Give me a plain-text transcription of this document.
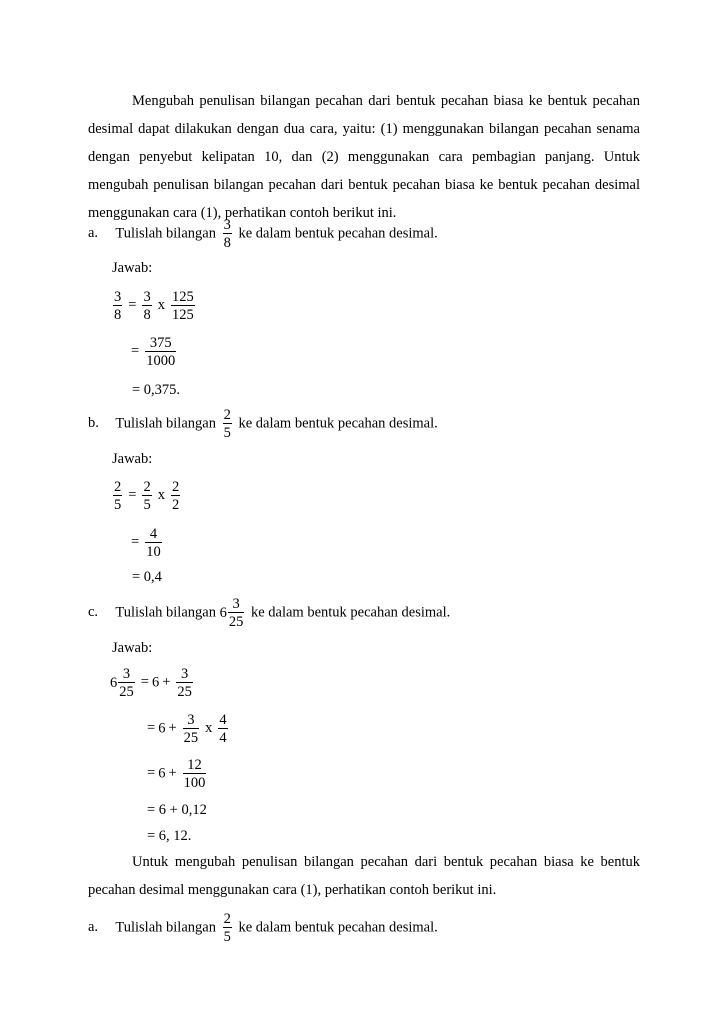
Mengubah penulisan bilangan pecahan dari bentuk pecahan biasa ke bentuk pecahan desimal dapat dilakukan dengan dua cara, yaitu: (1) menggunakan bilangan pecahan senama dengan penyebut kelipatan 10, dan (2) menggunakan cara pembagian panjang. Untuk mengubah penulisan bilangan pecahan dari bentuk pecahan biasa ke bentuk pecahan desimal menggunakan cara (1), perhatikan contoh berikut ini.
a. Tulislah bilangan $\frac{3}{8}$ ke dalam bentuk pecahan desimal.
Jawab:
$\frac{3}{8} = \frac{3}{8}$ x $\frac{125}{125}$
= $\frac{375}{1000}$
= 0,375.
b. Tulislah bilangan $\frac{2}{5}$ ke dalam bentuk pecahan desimal.
Jawab:
$\frac{2}{5} = \frac{2}{5}$ x $\frac{2}{2}$
= $\frac{4}{10}$
= 0,4
c. Tulislah bilangan $6 \frac{3}{25}$ ke dalam bentuk pecahan desimal.
Jawab:
$6 \frac{3}{25} = 6 + \frac{3}{25}$
= $6 + \frac{3}{25}$ x $\frac{4}{4}$
= $6 + \frac{12}{100}$
= 6 + 0,12
= 6, 12.
Untuk mengubah penulisan bilangan pecahan dari bentuk pecahan biasa ke bentuk pecahan desimal menggunakan cara (1), perhatikan contoh berikut ini.
a. Tulislah bilangan $\frac{2}{5}$ ke dalam bentuk pecahan desimal.
